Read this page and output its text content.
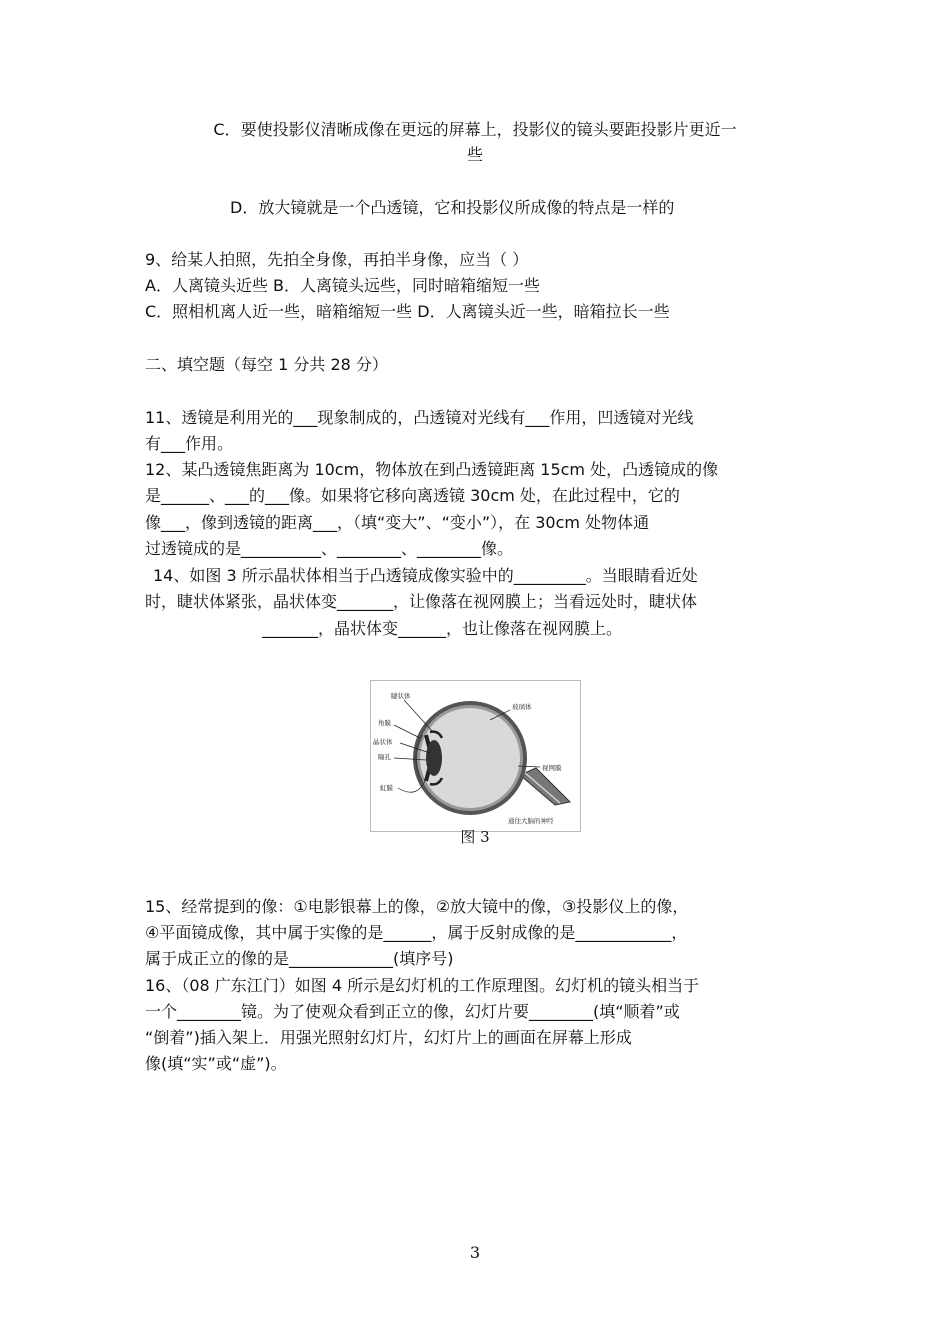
C．要使投影仪清晰成像在更远的屏幕上，投影仪的镜头要距投影片更近一
些
D．放大镜就是一个凸透镜，它和投影仪所成像的特点是一样的
9、给某人拍照，先拍全身像，再拍半身像，应当（ ）
A．人离镜头近些 B．人离镜头远些，同时暗箱缩短一些
C．照相机离人近一些，暗箱缩短一些 D．人离镜头近一些，暗箱拉长一些
二、填空题（每空 1 分共 28 分）
11、透镜是利用光的___现象制成的，凸透镜对光线有___作用，凹透镜对光线
有___作用。
12、某凸透镜焦距离为 10cm，物体放在到凸透镜距离 15cm 处，凸透镜成的像
是______、___的___像。如果将它移向离透镜 30cm 处，在此过程中，它的
像___，像到透镜的距离___，（填“变大”、“变小”），在 30cm 处物体通
过透镜成的是__________、________、________像。
14、如图 3 所示晶状体相当于凸透镜成像实验中的_________。当眼睛看近处
时，睫状体紧张，晶状体变_______，让像落在视网膜上；当看远处时，睫状体
_______，晶状体变______，也让像落在视网膜上。
睫状体
角膜
晶状体
瞳孔
虹膜
玻璃体
视网膜
通往大脑的神经
图 3
15、经常提到的像：①电影银幕上的像，②放大镜中的像，③投影仪上的像，
④平面镜成像，其中属于实像的是______，属于反射成像的是____________，
属于成正立的像的是_____________(填序号)
16、（08 广东江门）如图 4 所示是幻灯机的工作原理图。幻灯机的镜头相当于
一个________镜。为了使观众看到正立的像，幻灯片要________(填“顺着”或
“倒着”)插入架上．用强光照射幻灯片，幻灯片上的画面在屏幕上形成
像(填“实”或“虚”)。
3
